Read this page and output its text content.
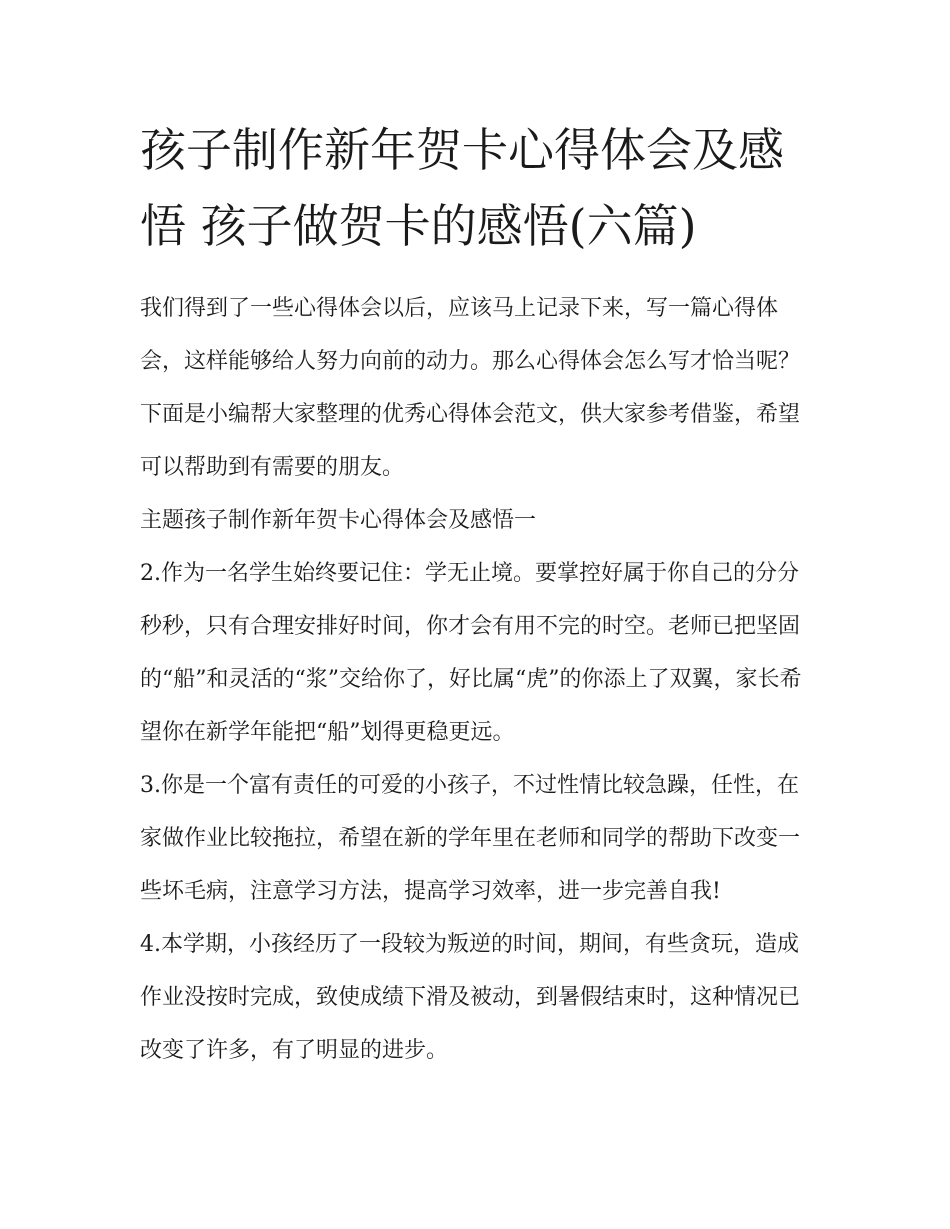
孩子制作新年贺卡心得体会及感悟 孩子做贺卡的感悟(六篇)

我们得到了一些心得体会以后，应该马上记录下来，写一篇心得体会，这样能够给人努力向前的动力。那么心得体会怎么写才恰当呢？下面是小编帮大家整理的优秀心得体会范文，供大家参考借鉴，希望可以帮助到有需要的朋友。

主题孩子制作新年贺卡心得体会及感悟一

2.作为一名学生始终要记住：学无止境。要掌控好属于你自己的分分秒秒，只有合理安排好时间，你才会有用不完的时空。老师已把坚固的“船”和灵活的“浆”交给你了，好比属“虎”的你添上了双翼，家长希望你在新学年能把“船”划得更稳更远。

3.你是一个富有责任的可爱的小孩子，不过性情比较急躁，任性，在家做作业比较拖拉，希望在新的学年里在老师和同学的帮助下改变一些坏毛病，注意学习方法，提高学习效率，进一步完善自我!

4.本学期，小孩经历了一段较为叛逆的时间，期间，有些贪玩，造成作业没按时完成，致使成绩下滑及被动，到暑假结束时，这种情况已改变了许多，有了明显的进步。
